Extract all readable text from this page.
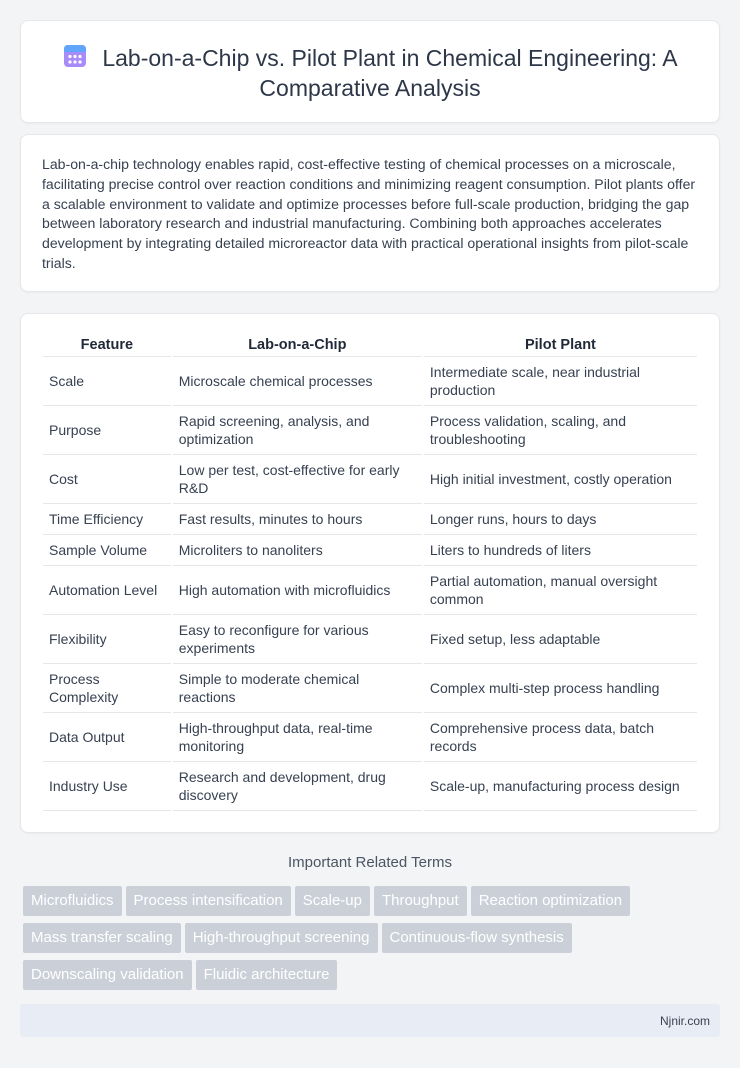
Lab-on-a-Chip vs. Pilot Plant in Chemical Engineering: A Comparative Analysis

Lab-on-a-chip technology enables rapid, cost-effective testing of chemical processes on a microscale, facilitating precise control over reaction conditions and minimizing reagent consumption. Pilot plants offer a scalable environment to validate and optimize processes before full-scale production, bridging the gap between laboratory research and industrial manufacturing. Combining both approaches accelerates development by integrating detailed microreactor data with practical operational insights from pilot-scale trials.

Feature	Lab-on-a-Chip	Pilot Plant
Scale	Microscale chemical processes	Intermediate scale, near industrial production
Purpose	Rapid screening, analysis, and optimization	Process validation, scaling, and troubleshooting
Cost	Low per test, cost-effective for early R&D	High initial investment, costly operation
Time Efficiency	Fast results, minutes to hours	Longer runs, hours to days
Sample Volume	Microliters to nanoliters	Liters to hundreds of liters
Automation Level	High automation with microfluidics	Partial automation, manual oversight common
Flexibility	Easy to reconfigure for various experiments	Fixed setup, less adaptable
Process Complexity	Simple to moderate chemical reactions	Complex multi-step process handling
Data Output	High-throughput data, real-time monitoring	Comprehensive process data, batch records
Industry Use	Research and development, drug discovery	Scale-up, manufacturing process design
Important Related Terms
Microfluidics Process intensification Scale-up Throughput Reaction optimization
Mass transfer scaling High-throughput screening Continuous-flow synthesis
Downscaling validation Fluidic architecture
Njnir.com
